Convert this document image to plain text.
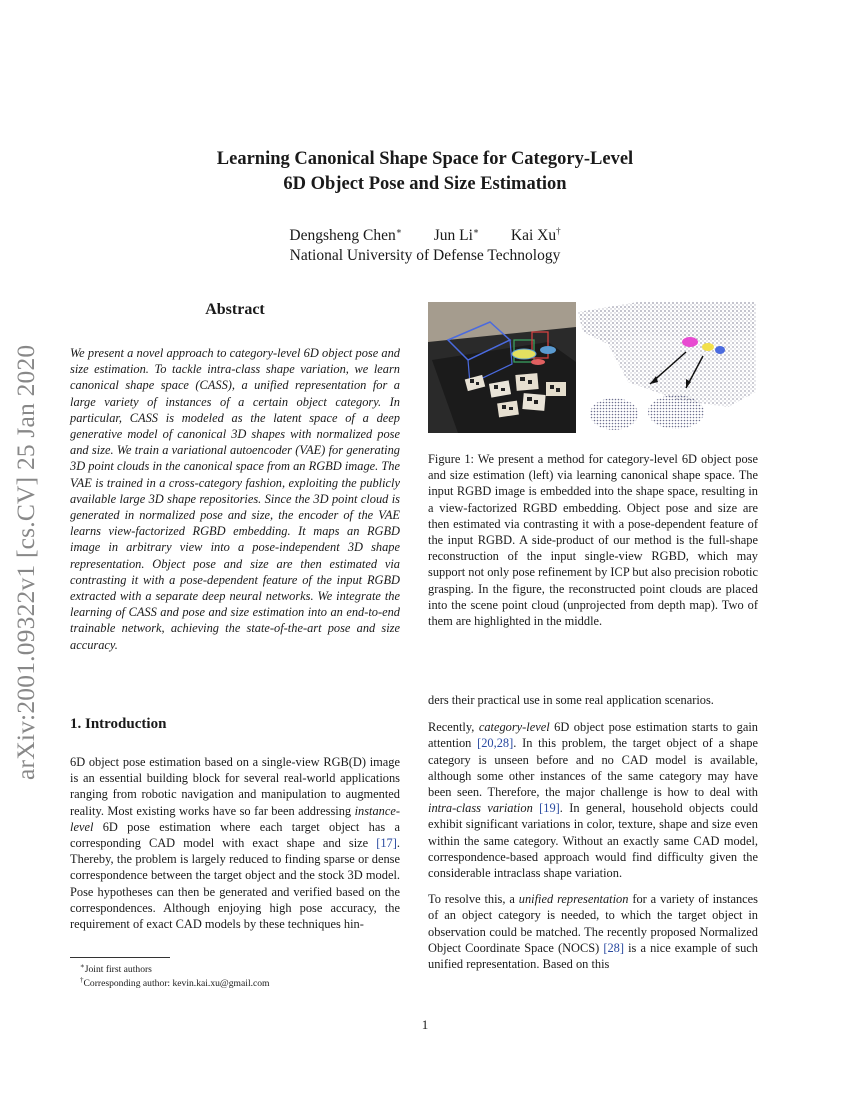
Learning Canonical Shape Space for Category-Level
6D Object Pose and Size Estimation
Dengsheng Chen∗ Jun Li∗ Kai Xu†
National University of Defense Technology
arXiv:2001.09322v1 [cs.CV] 25 Jan 2020
Abstract
We present a novel approach to category-level 6D object pose and size estimation. To tackle intra-class shape variation, we learn canonical shape space (CASS), a unified representation for a large variety of instances of a certain object category. In particular, CASS is modeled as the latent space of a deep generative model of canonical 3D shapes with normalized pose and size. We train a variational autoencoder (VAE) for generating 3D point clouds in the canonical space from an RGBD image. The VAE is trained in a cross-category fashion, exploiting the publicly available large 3D shape repositories. Since the 3D point cloud is generated in normalized pose and size, the encoder of the VAE learns view-factorized RGBD embedding. It maps an RGBD image in arbitrary view into a pose-independent 3D shape representation. Object pose and size are then estimated via contrasting it with a pose-dependent feature of the input RGBD extracted with a separate deep neural networks. We integrate the learning of CASS and pose and size estimation into an end-to-end trainable network, achieving the state-of-the-art pose and size accuracy.
1. Introduction

6D object pose estimation based on a single-view RGB(D) image is an essential building block for several real-world applications ranging from robotic navigation and manipulation to augmented reality. Most existing works have so far been addressing instance-level 6D pose estimation where each target object has a corresponding CAD model with exact shape and size [17]. Thereby, the problem is largely reduced to finding sparse or dense correspondence between the target object and the stock 3D model. Pose hypotheses can then be generated and verified based on the correspondences. Although enjoying high pose accuracy, the requirement of exact CAD models by these techniques hin-

∗Joint first authors
†Corresponding author: kevin.kai.xu@gmail.com
Figure 1: We present a method for category-level 6D object pose and size estimation (left) via learning canonical shape space. The input RGBD image is embedded into the shape space, resulting in a view-factorized RGBD embedding. Object pose and size are then estimated via contrasting it with a pose-dependent feature of the input RGBD. A side-product of our method is the full-shape reconstruction of the input single-view RGBD, which may support not only pose refinement by ICP but also precision robotic grasping. In the figure, the reconstructed point clouds are placed into the scene point cloud (unprojected from depth map). Two of them are highlighted in the middle.

ders their practical use in some real application scenarios.

Recently, category-level 6D object pose estimation starts to gain attention [20,28]. In this problem, the target object of a shape category is unseen before and no CAD model is available, although some other instances of the same category may have been seen. Therefore, the major challenge is how to deal with intra-class variation [19]. In general, household objects could exhibit significant variations in color, texture, shape and size even within the same category. Without an exactly same CAD model, correspondence-based approach would find difficulty given the considerable intraclass shape variation.

To resolve this, a unified representation for a variety of instances of an object category is needed, to which the target object in observation could be matched. The recently proposed Normalized Object Coordinate Space (NOCS) [28] is a nice example of such unified representation. Based on this

1
